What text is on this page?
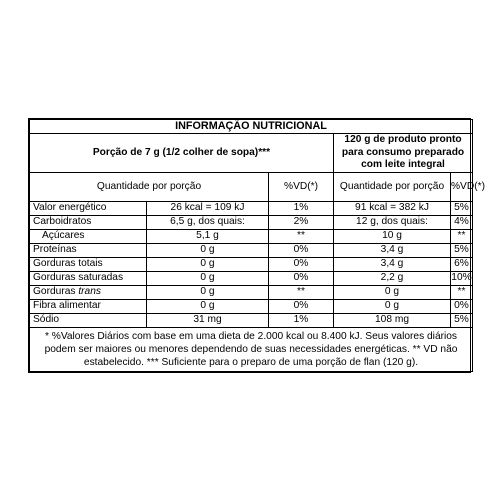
INFORMAÇÃO NUTRICIONAL				
Porção de 7 g (1/2 colher de sopa)***			120 g de produto pronto para consumo preparado com leite integral	
Quantidade por porção		%VD(*)	Quantidade por porção	%VD(*)
Valor energético	26 kcal = 109 kJ	1%	91 kcal = 382 kJ	5%
Carboidratos	6,5 g, dos quais:	2%	12 g, dos quais:	4%
Açúcares	5,1 g	**	10 g	**
Proteínas	0 g	0%	3,4 g	5%
Gorduras totais	0 g	0%	3,4 g	6%
Gorduras saturadas	0 g	0%	2,2 g	10%
Gorduras trans	0 g	**	0 g	**
Fibra alimentar	0 g	0%	0 g	0%
Sódio	31 mg	1%	108 mg	5%
* %Valores Diários com base em uma dieta de 2.000 kcal ou 8.400 kJ. Seus valores diários podem ser maiores ou menores dependendo de suas necessidades energéticas. ** VD não estabelecido. *** Suficiente para o preparo de uma porção de flan (120 g).				
